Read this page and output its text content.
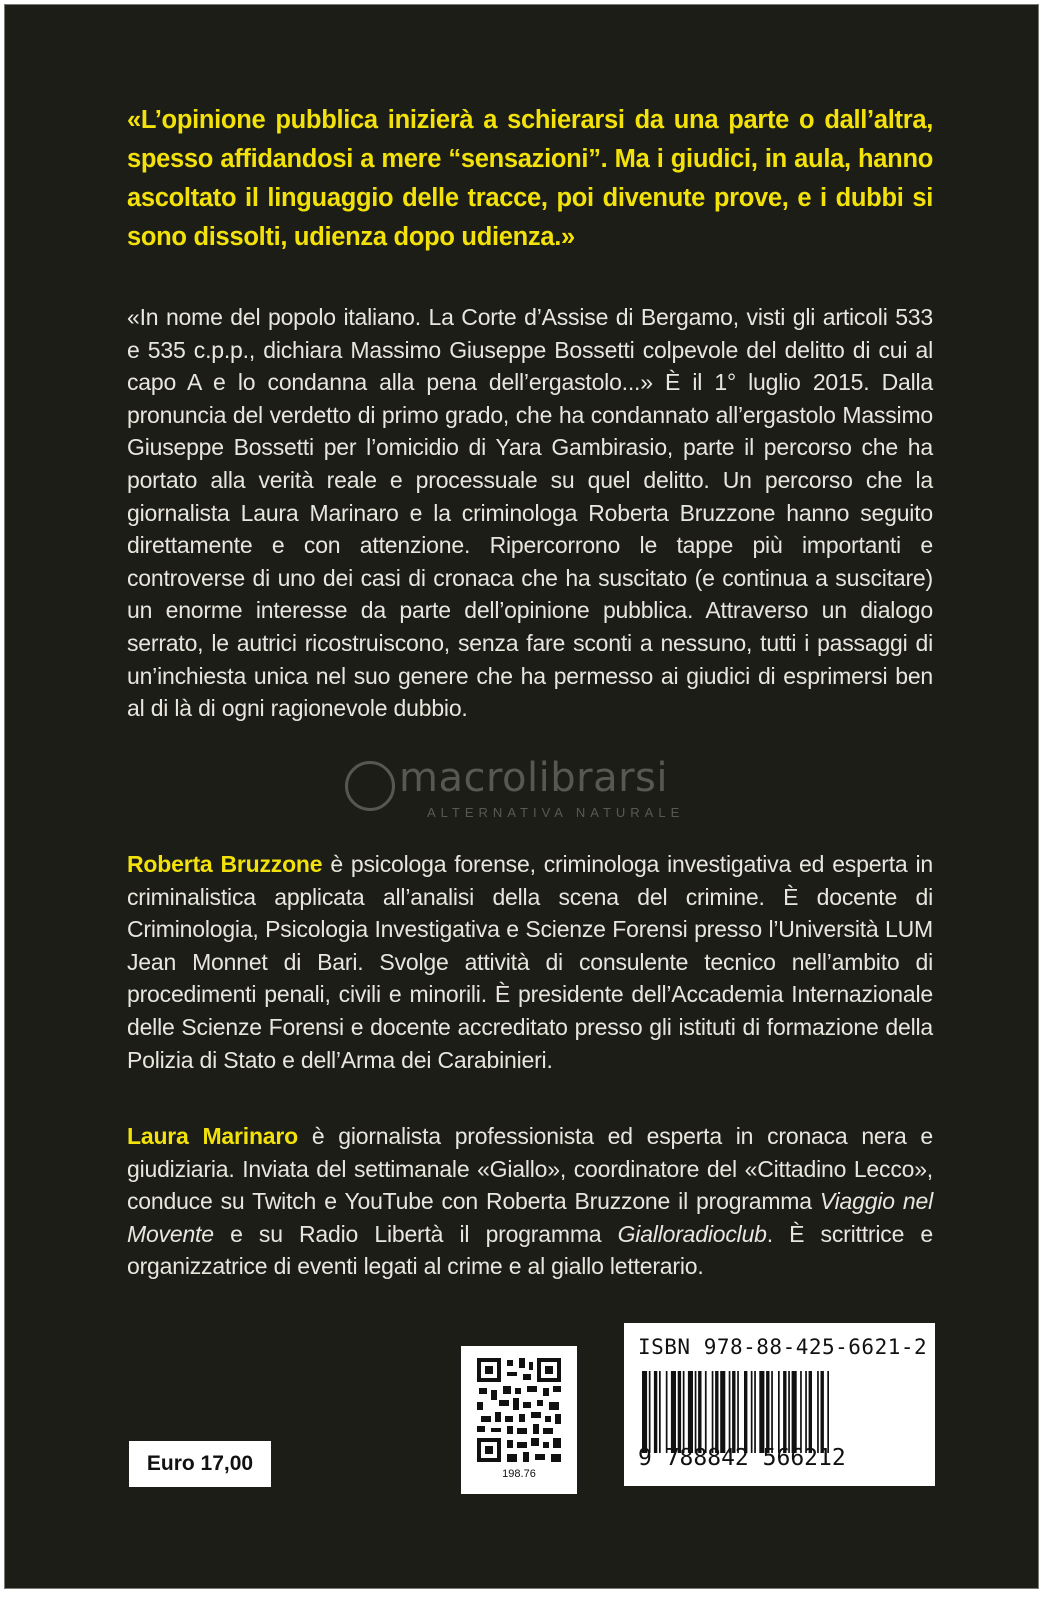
«L’opinione pubblica inizierà a schierarsi da una parte o dall’altra, spesso affidandosi a mere “sensazioni”. Ma i giudici, in aula, hanno ascoltato il linguaggio delle tracce, poi divenute prove, e i dubbi si sono dissolti, udienza dopo udienza.»

«In nome del popolo italiano. La Corte d’Assise di Bergamo, visti gli articoli 533 e 535 c.p.p., dichiara Massimo Giuseppe Bossetti colpevole del delitto di cui al capo A e lo condanna alla pena dell’ergastolo...» È il 1° luglio 2015. Dalla pronuncia del verdetto di primo grado, che ha condannato all’ergastolo Massimo Giuseppe Bossetti per l’omicidio di Yara Gambirasio, parte il percorso che ha portato alla verità reale e processuale su quel delitto. Un percorso che la giornalista Laura Marinaro e la criminologa Roberta Bruzzone hanno seguito direttamente e con attenzione. Ripercorrono le tappe più importanti e controverse di uno dei casi di cronaca che ha suscitato (e continua a suscitare) un enorme interesse da parte dell’opinione pubblica. Attraverso un dialogo serrato, le autrici ricostruiscono, senza fare sconti a nessuno, tutti i passaggi di un’inchiesta unica nel suo genere che ha permesso ai giudici di esprimersi ben al di là di ogni ragionevole dubbio.

Roberta Bruzzone è psicologa forense, criminologa investigativa ed esperta in criminalistica applicata all’analisi della scena del crimine. È docente di Criminologia, Psicologia Investigativa e Scienze Forensi presso l’Università LUM Jean Monnet di Bari. Svolge attività di consulente tecnico nell’ambito di procedimenti penali, civili e minorili. È presidente dell’Accademia Internazionale delle Scienze Forensi e docente accreditato presso gli istituti di formazione della Polizia di Stato e dell’Arma dei Carabinieri.

Laura Marinaro è giornalista professionista ed esperta in cronaca nera e giudiziaria. Inviata del settimanale «Giallo», coordinatore del «Cittadino Lecco», conduce su Twitch e YouTube con Roberta Bruzzone il programma Viaggio nel Movente e su Radio Libertà il programma Gialloradioclub. È scrittrice e organizzatrice di eventi legati al crime e al giallo letterario.

macrolibrarsi
ALTERNATIVA NATURALE
Euro 17,00	198.76
ISBN 978-88-425-6621-2
9 788842 566212
